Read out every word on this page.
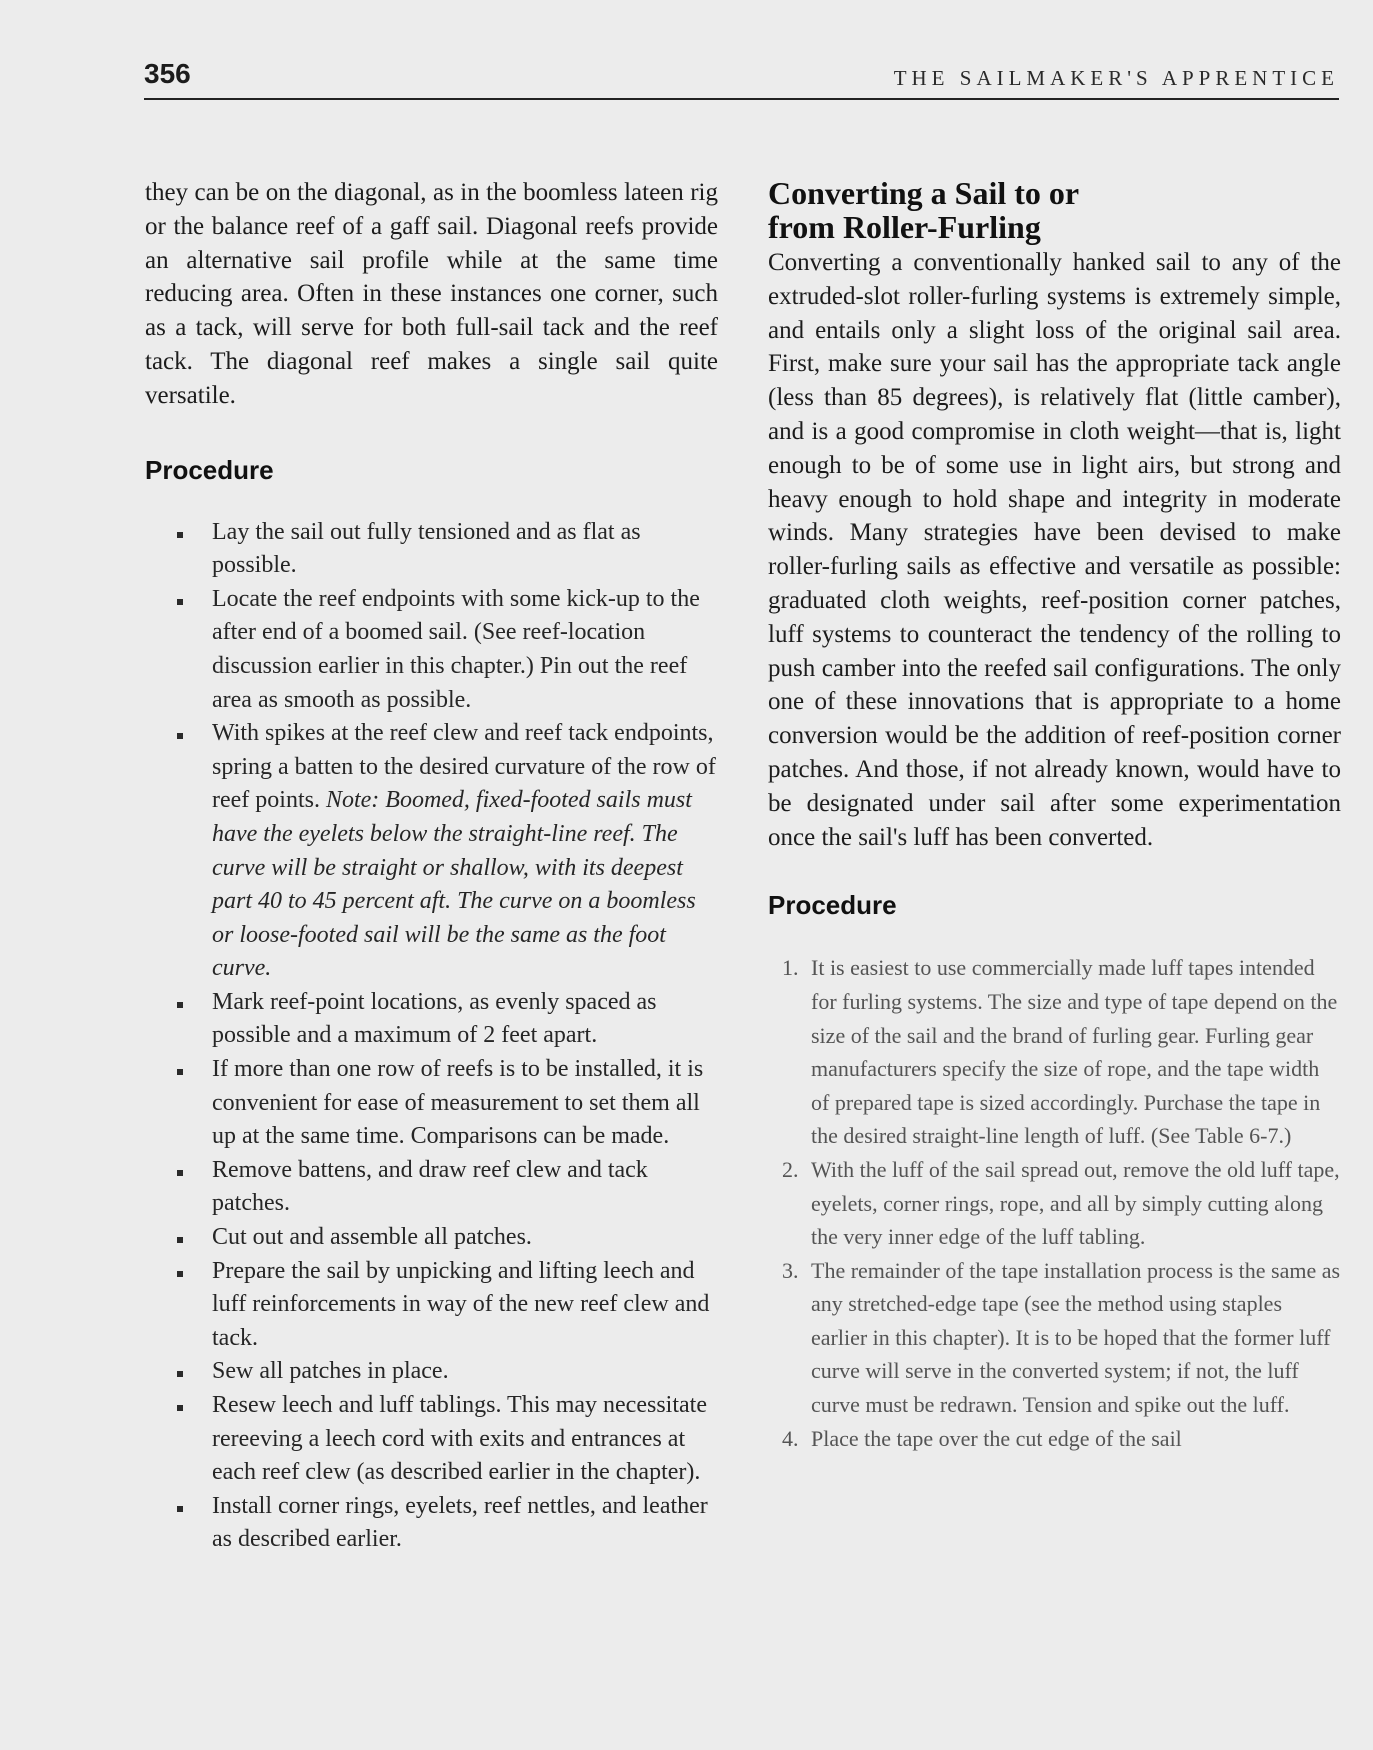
356	THE SAILMAKER'S APPRENTICE

they can be on the diagonal, as in the boomless lateen rig or the balance reef of a gaff sail. Diagonal reefs provide an alternative sail profile while at the same time reducing area. Often in these instances one corner, such as a tack, will serve for both full-sail tack and the reef tack. The diagonal reef makes a single sail quite versatile.

Procedure
Lay the sail out fully tensioned and as flat as possible.
Locate the reef endpoints with some kick-up to the after end of a boomed sail. (See reef-location discussion earlier in this chapter.) Pin out the reef area as smooth as possible.
With spikes at the reef clew and reef tack endpoints, spring a batten to the desired curvature of the row of reef points. Note: Boomed, fixed-footed sails must have the eyelets below the straight-line reef. The curve will be straight or shallow, with its deepest part 40 to 45 percent aft. The curve on a boomless or loose-footed sail will be the same as the foot curve.
Mark reef-point locations, as evenly spaced as possible and a maximum of 2 feet apart.
If more than one row of reefs is to be installed, it is convenient for ease of measurement to set them all up at the same time. Comparisons can be made.
Remove battens, and draw reef clew and tack patches.
Cut out and assemble all patches.
Prepare the sail by unpicking and lifting leech and luff reinforcements in way of the new reef clew and tack.
Sew all patches in place.
Resew leech and luff tablings. This may necessitate rereeving a leech cord with exits and entrances at each reef clew (as described earlier in the chapter).
Install corner rings, eyelets, reef nettles, and leather as described earlier.
Converting a Sail to or
from Roller-Furling

Converting a conventionally hanked sail to any of the extruded-slot roller-furling systems is extremely simple, and entails only a slight loss of the original sail area. First, make sure your sail has the appropriate tack angle (less than 85 degrees), is relatively flat (little camber), and is a good compromise in cloth weight—that is, light enough to be of some use in light airs, but strong and heavy enough to hold shape and integrity in moderate winds. Many strategies have been devised to make roller-furling sails as effective and versatile as possible: graduated cloth weights, reef-position corner patches, luff systems to counteract the tendency of the rolling to push camber into the reefed sail configurations. The only one of these innovations that is appropriate to a home conversion would be the addition of reef-position corner patches. And those, if not already known, would have to be designated under sail after some experimentation once the sail's luff has been converted.

Procedure
1. It is easiest to use commercially made luff tapes intended for furling systems. The size and type of tape depend on the size of the sail and the brand of furling gear. Furling gear manufacturers specify the size of rope, and the tape width of prepared tape is sized accordingly. Purchase the tape in the desired straight-line length of luff. (See Table 6-7.)
2. With the luff of the sail spread out, remove the old luff tape, eyelets, corner rings, rope, and all by simply cutting along the very inner edge of the luff tabling.
3. The remainder of the tape installation process is the same as any stretched-edge tape (see the method using staples earlier in this chapter). It is to be hoped that the former luff curve will serve in the converted system; if not, the luff curve must be redrawn. Tension and spike out the luff.
4. Place the tape over the cut edge of the sail
